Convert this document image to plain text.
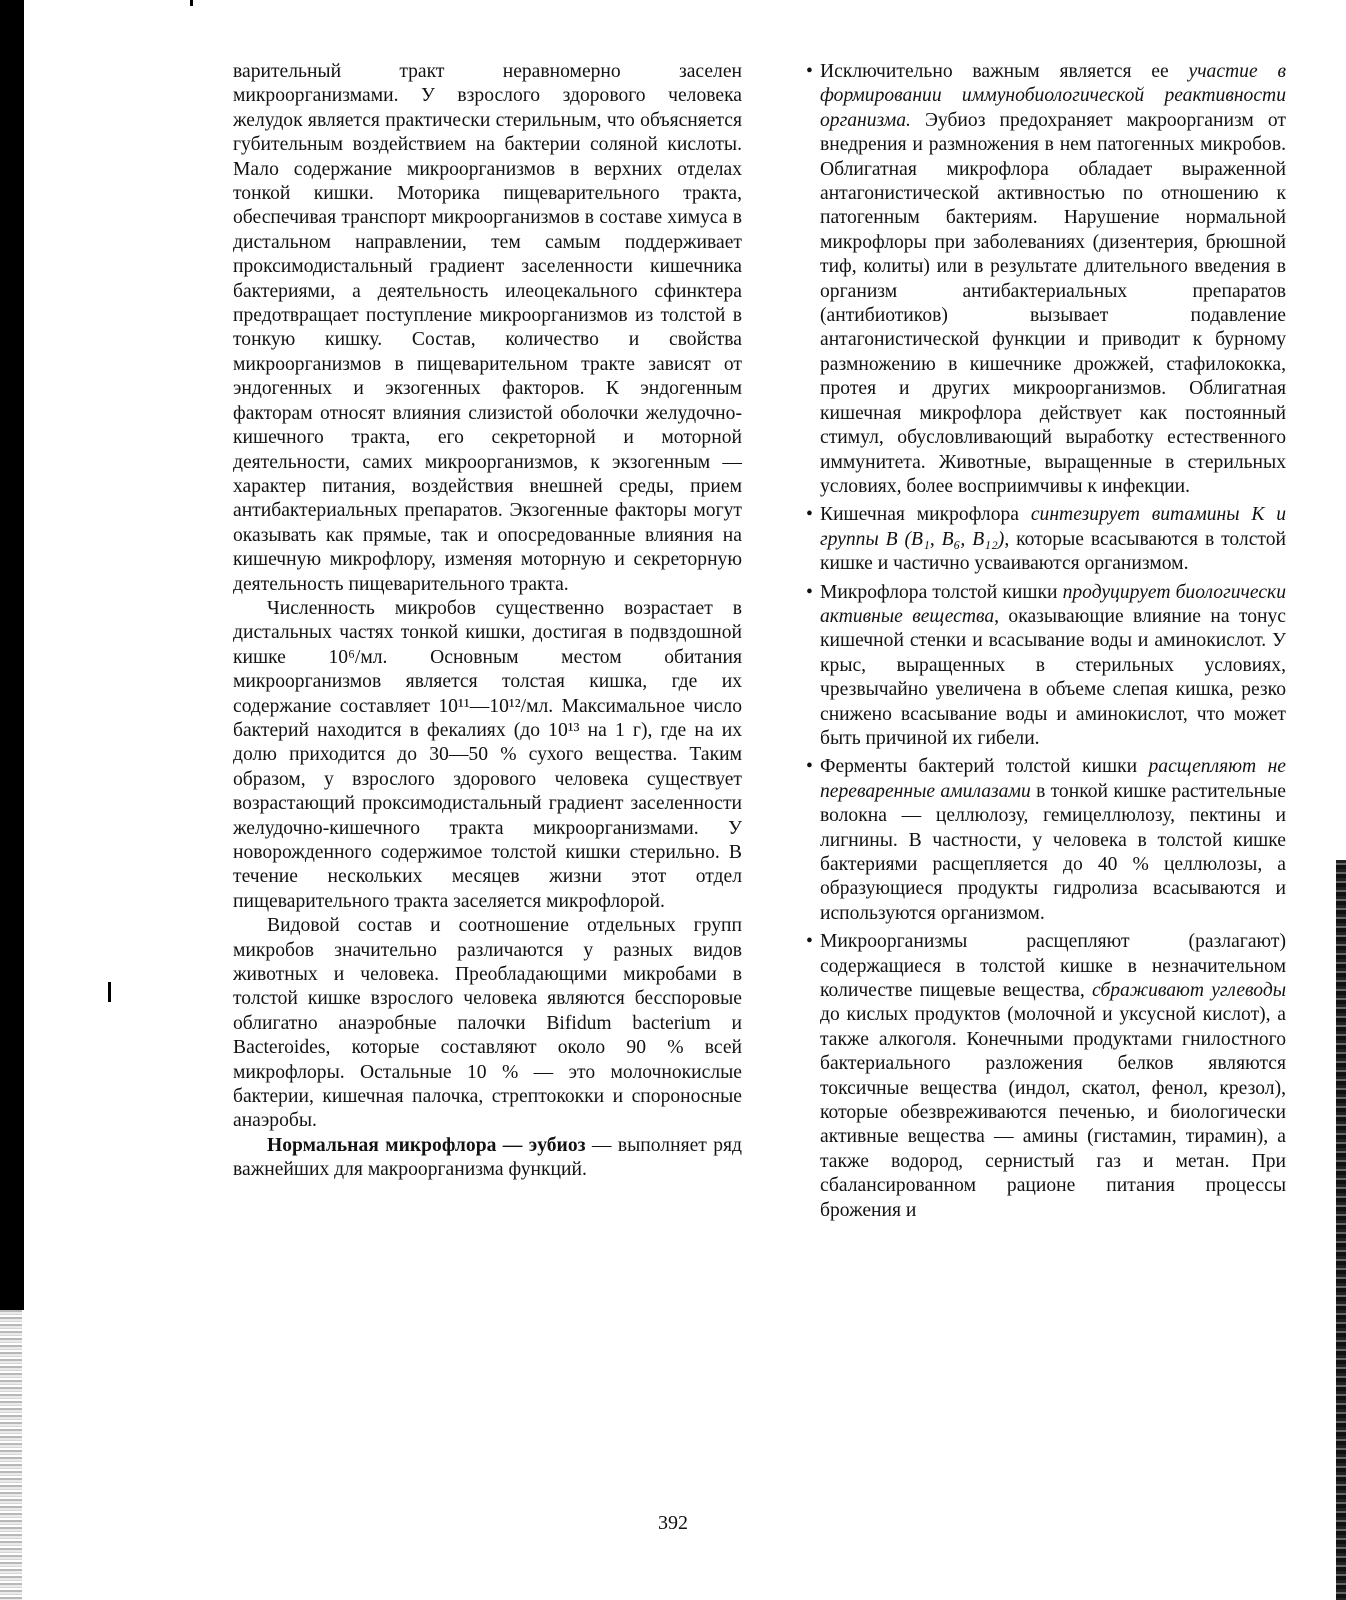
варительный тракт неравномерно заселен микроорганизмами. У взрослого здорового человека желудок является практически стерильным, что объясняется губительным воздействием на бактерии соляной кислоты. Мало содержание микроорганизмов в верхних отделах тонкой кишки. Моторика пищеварительного тракта, обеспечивая транспорт микроорганизмов в составе химуса в дистальном направлении, тем самым поддерживает проксимодистальный градиент заселенности кишечника бактериями, а деятельность илеоцекального сфинктера предотвращает поступление микроорганизмов из толстой в тонкую кишку. Состав, количество и свойства микроорганизмов в пищеварительном тракте зависят от эндогенных и экзогенных факторов. К эндогенным факторам относят влияния слизистой оболочки желудочно-кишечного тракта, его секреторной и моторной деятельности, самих микроорганизмов, к экзогенным — характер питания, воздействия внешней среды, прием антибактериальных препаратов. Экзогенные факторы могут оказывать как прямые, так и опосредованные влияния на кишечную микрофлору, изменяя моторную и секреторную деятельность пищеварительного тракта.

Численность микробов существенно возрастает в дистальных частях тонкой кишки, достигая в подвздошной кишке 10⁶/мл. Основным местом обитания микроорганизмов является толстая кишка, где их содержание составляет 10¹¹—10¹²/мл. Максимальное число бактерий находится в фекалиях (до 10¹³ на 1 г), где на их долю приходится до 30—50 % сухого вещества. Таким образом, у взрослого здорового человека существует возрастающий проксимодистальный градиент заселенности желудочно-кишечного тракта микроорганизмами. У новорожденного содержимое толстой кишки стерильно. В течение нескольких месяцев жизни этот отдел пищеварительного тракта заселяется микрофлорой.

Видовой состав и соотношение отдельных групп микробов значительно различаются у разных видов животных и человека. Преобладающими микробами в толстой кишке взрослого человека являются бесспоровые облигатно анаэробные палочки Bifidum bacterium и Bacteroides, которые составляют около 90 % всей микрофлоры. Остальные 10 % — это молочнокислые бактерии, кишечная палочка, стрептококки и спороносные анаэробы.

Нормальная микрофлора — эубиоз — выполняет ряд важнейших для макроорганизма функций.

• Исключительно важным является ее участие в формировании иммунобиологической реактивности организма. Эубиоз предохраняет макроорганизм от внедрения и размножения в нем патогенных микробов. Облигатная микрофлора обладает выраженной антагонистической активностью по отношению к патогенным бактериям. Нарушение нормальной микрофлоры при заболеваниях (дизентерия, брюшной тиф, колиты) или в результате длительного введения в организм антибактериальных препаратов (антибиотиков) вызывает подавление антагонистической функции и приводит к бурному размножению в кишечнике дрожжей, стафилококка, протея и других микроорганизмов. Облигатная кишечная микрофлора действует как постоянный стимул, обусловливающий выработку естественного иммунитета. Животные, выращенные в стерильных условиях, более восприимчивы к инфекции.

• Кишечная микрофлора синтезирует витамины К и группы В (В₁, В₆, В₁₂), которые всасываются в толстой кишке и частично усваиваются организмом.

• Микрофлора толстой кишки продуцирует биологически активные вещества, оказывающие влияние на тонус кишечной стенки и всасывание воды и аминокислот. У крыс, выращенных в стерильных условиях, чрезвычайно увеличена в объеме слепая кишка, резко снижено всасывание воды и аминокислот, что может быть причиной их гибели.

• Ферменты бактерий толстой кишки расщепляют не переваренные амилазами в тонкой кишке растительные волокна — целлюлозу, гемицеллюлозу, пектины и лигнины. В частности, у человека в толстой кишке бактериями расщепляется до 40 % целлюлозы, а образующиеся продукты гидролиза всасываются и используются организмом.

• Микроорганизмы расщепляют (разлагают) содержащиеся в толстой кишке в незначительном количестве пищевые вещества, сбраживают углеводы до кислых продуктов (молочной и уксусной кислот), а также алкоголя. Конечными продуктами гнилостного бактериального разложения белков являются токсичные вещества (индол, скатол, фенол, крезол), которые обезвреживаются печенью, и биологически активные вещества — амины (гистамин, тирамин), а также водород, сернистый газ и метан. При сбалансированном рационе питания процессы брожения и

392
